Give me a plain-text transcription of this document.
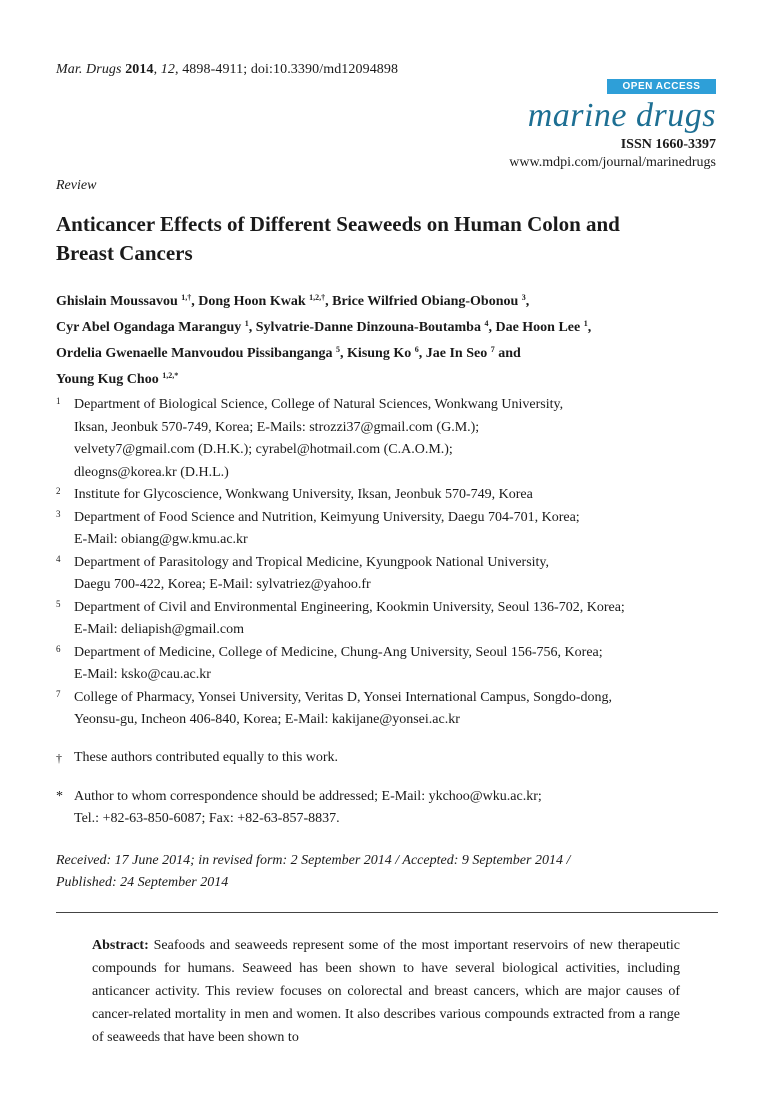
Mar. Drugs 2014, 12, 4898-4911; doi:10.3390/md12094898
OPEN ACCESS
marine drugs
ISSN 1660-3397
www.mdpi.com/journal/marinedrugs
Review
Anticancer Effects of Different Seaweeds on Human Colon and
Breast Cancers
Ghislain Moussavou $^{1,\dagger}$, Dong Hoon Kwak $^{1,2,\dagger}$, Brice Wilfried Obiang-Obonou $^3$,
Cyr Abel Ogandaga Maranguy $^1$, Sylvatrie-Danne Dinzouna-Boutamba $^4$, Dae Hoon Lee $^1$,
Ordelia Gwenaelle Manvoudou Pissibanganga $^5$, Kisung Ko $^6$, Jae In Seo $^7$ and
Young Kug Choo $^{1,2,*}$
1 Department of Biological Science, College of Natural Sciences, Wonkwang University,
Iksan, Jeonbuk 570-749, Korea; E-Mails: strozzi37@gmail.com (G.M.);
velvety7@gmail.com (D.H.K.); cyrabel@hotmail.com (C.A.O.M.);
dleogns@korea.kr (D.H.L.)
2 Institute for Glycoscience, Wonkwang University, Iksan, Jeonbuk 570-749, Korea
3 Department of Food Science and Nutrition, Keimyung University, Daegu 704-701, Korea;
E-Mail: obiang@gw.kmu.ac.kr
4 Department of Parasitology and Tropical Medicine, Kyungpook National University,
Daegu 700-422, Korea; E-Mail: sylvatriez@yahoo.fr
5 Department of Civil and Environmental Engineering, Kookmin University, Seoul 136-702, Korea;
E-Mail: deliapish@gmail.com
6 Department of Medicine, College of Medicine, Chung-Ang University, Seoul 156-756, Korea;
E-Mail: ksko@cau.ac.kr
7 College of Pharmacy, Yonsei University, Veritas D, Yonsei International Campus, Songdo-dong,
Yeonsu-gu, Incheon 406-840, Korea; E-Mail: kakijane@yonsei.ac.kr
† These authors contributed equally to this work.
* Author to whom correspondence should be addressed; E-Mail: ykchoo@wku.ac.kr;
Tel.: +82-63-850-6087; Fax: +82-63-857-8837.
Received: 17 June 2014; in revised form: 2 September 2014 / Accepted: 9 September 2014 /
Published: 24 September 2014
Abstract: Seafoods and seaweeds represent some of the most important reservoirs of new therapeutic compounds for humans. Seaweed has been shown to have several biological activities, including anticancer activity. This review focuses on colorectal and breast cancers, which are major causes of cancer-related mortality in men and women. It also describes various compounds extracted from a range of seaweeds that have been shown to
